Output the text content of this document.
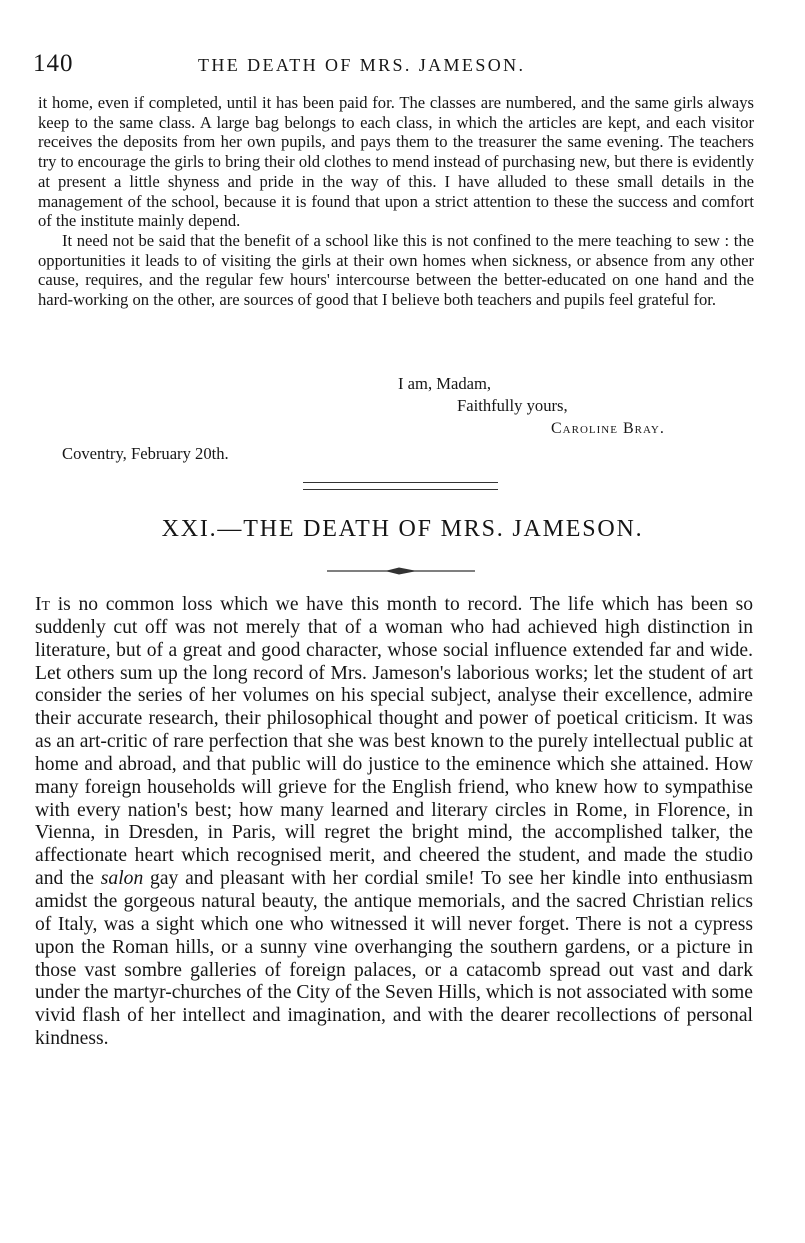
140	THE DEATH OF MRS. JAMESON.

it home, even if completed, until it has been paid for. The classes are numbered, and the same girls always keep to the same class. A large bag belongs to each class, in which the articles are kept, and each visitor receives the deposits from her own pupils, and pays them to the treasurer the same evening. The teachers try to encourage the girls to bring their old clothes to mend instead of purchasing new, but there is evidently at present a little shyness and pride in the way of this. I have alluded to these small details in the management of the school, because it is found that upon a strict attention to these the success and comfort of the institute mainly depend.

It need not be said that the benefit of a school like this is not confined to the mere teaching to sew : the opportunities it leads to of visiting the girls at their own homes when sickness, or absence from any other cause, requires, and the regular few hours' intercourse between the better-educated on one hand and the hard-working on the other, are sources of good that I believe both teachers and pupils feel grateful for.

I am, Madam,
Faithfully yours,
Caroline Bray.
Coventry, February 20th.
XXI.—THE DEATH OF MRS. JAMESON.

It is no common loss which we have this month to record. The life which has been so suddenly cut off was not merely that of a woman who had achieved high distinction in literature, but of a great and good character, whose social influence extended far and wide. Let others sum up the long record of Mrs. Jameson's laborious works; let the student of art consider the series of her volumes on his special subject, analyse their excellence, admire their accurate research, their philosophical thought and power of poetical criticism. It was as an art-critic of rare perfection that she was best known to the purely intellectual public at home and abroad, and that public will do justice to the eminence which she attained. How many foreign households will grieve for the English friend, who knew how to sympathise with every nation's best; how many learned and literary circles in Rome, in Florence, in Vienna, in Dresden, in Paris, will regret the bright mind, the accomplished talker, the affectionate heart which recognised merit, and cheered the student, and made the studio and the salon gay and pleasant with her cordial smile! To see her kindle into enthusiasm amidst the gorgeous natural beauty, the antique memorials, and the sacred Christian relics of Italy, was a sight which one who witnessed it will never forget. There is not a cypress upon the Roman hills, or a sunny vine overhanging the southern gardens, or a picture in those vast sombre galleries of foreign palaces, or a catacomb spread out vast and dark under the martyr-churches of the City of the Seven Hills, which is not associated with some vivid flash of her intellect and imagination, and with the dearer recollections of personal kindness.
